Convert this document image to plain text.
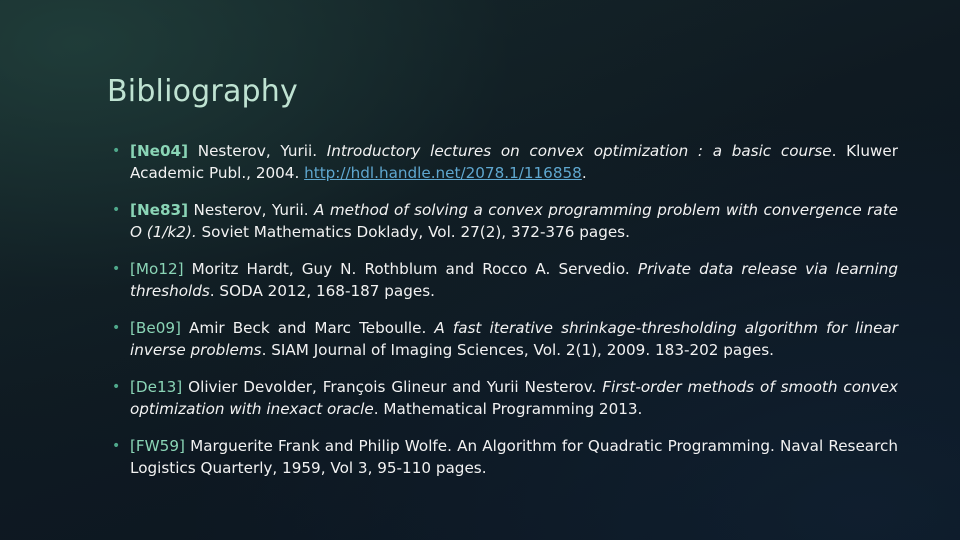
Bibliography
• [Ne04] Nesterov, Yurii. Introductory lectures on convex optimization : a basic course. Kluwer Academic Publ., 2004. http://hdl.handle.net/2078.1/116858.
• [Ne83] Nesterov, Yurii. A method of solving a convex programming problem with convergence rate O (1/k2). Soviet Mathematics Doklady, Vol. 27(2), 372-376 pages.
• [Mo12] Moritz Hardt, Guy N. Rothblum and Rocco A. Servedio. Private data release via learning thresholds. SODA 2012, 168-187 pages.
• [Be09] Amir Beck and Marc Teboulle. A fast iterative shrinkage-thresholding algorithm for linear inverse problems. SIAM Journal of Imaging Sciences, Vol. 2(1), 2009. 183-202 pages.
• [De13] Olivier Devolder, François Glineur and Yurii Nesterov. First-order methods of smooth convex optimization with inexact oracle. Mathematical Programming 2013.
• [FW59] Marguerite Frank and Philip Wolfe. An Algorithm for Quadratic Programming. Naval Research Logistics Quarterly, 1959, Vol 3, 95-110 pages.
